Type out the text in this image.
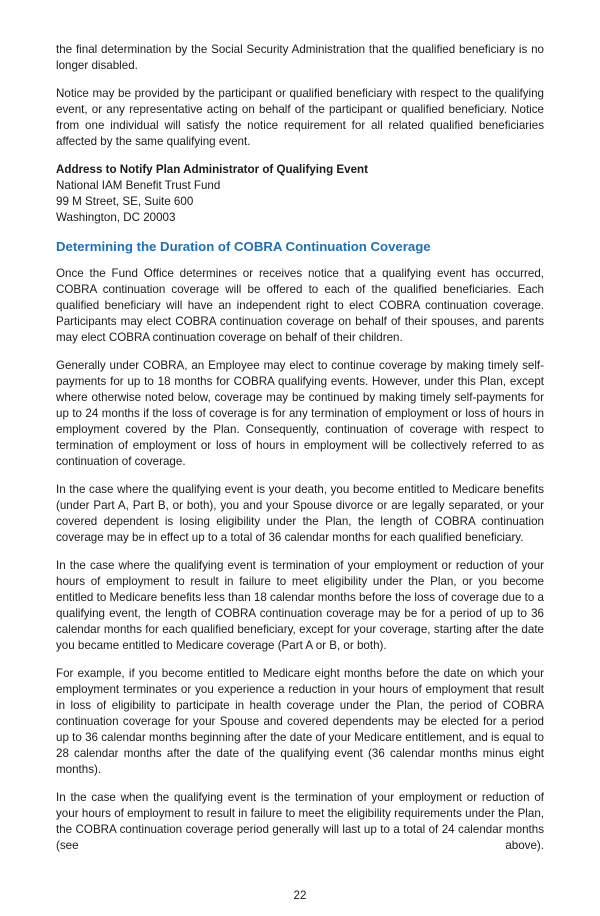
the final determination by the Social Security Administration that the qualified beneficiary is no longer disabled.

Notice may be provided by the participant or qualified beneficiary with respect to the qualifying event, or any representative acting on behalf of the participant or qualified beneficiary. Notice from one individual will satisfy the notice requirement for all related qualified beneficiaries affected by the same qualifying event.

Address to Notify Plan Administrator of Qualifying Event
National IAM Benefit Trust Fund
99 M Street, SE, Suite 600
Washington, DC 20003
Determining the Duration of COBRA Continuation Coverage

Once the Fund Office determines or receives notice that a qualifying event has occurred, COBRA continuation coverage will be offered to each of the qualified beneficiaries. Each qualified beneficiary will have an independent right to elect COBRA continuation coverage. Participants may elect COBRA continuation coverage on behalf of their spouses, and parents may elect COBRA continuation coverage on behalf of their children.

Generally under COBRA, an Employee may elect to continue coverage by making timely self-payments for up to 18 months for COBRA qualifying events. However, under this Plan, except where otherwise noted below, coverage may be continued by making timely self-payments for up to 24 months if the loss of coverage is for any termination of employment or loss of hours in employment covered by the Plan. Consequently, continuation of coverage with respect to termination of employment or loss of hours in employment will be collectively referred to as continuation of coverage.

In the case where the qualifying event is your death, you become entitled to Medicare benefits (under Part A, Part B, or both), you and your Spouse divorce or are legally separated, or your covered dependent is losing eligibility under the Plan, the length of COBRA continuation coverage may be in effect up to a total of 36 calendar months for each qualified beneficiary.

In the case where the qualifying event is termination of your employment or reduction of your hours of employment to result in failure to meet eligibility under the Plan, or you become entitled to Medicare benefits less than 18 calendar months before the loss of coverage due to a qualifying event, the length of COBRA continuation coverage may be for a period of up to 36 calendar months for each qualified beneficiary, except for your coverage, starting after the date you became entitled to Medicare coverage (Part A or B, or both).

For example, if you become entitled to Medicare eight months before the date on which your employment terminates or you experience a reduction in your hours of employment that result in loss of eligibility to participate in health coverage under the Plan, the period of COBRA continuation coverage for your Spouse and covered dependents may be elected for a period up to 36 calendar months beginning after the date of your Medicare entitlement, and is equal to 28 calendar months after the date of the qualifying event (36 calendar months minus eight months).

In the case when the qualifying event is the termination of your employment or reduction of your hours of employment to result in failure to meet the eligibility requirements under the Plan, the COBRA continuation coverage period generally will last up to a total of 24 calendar months (see above).

22
